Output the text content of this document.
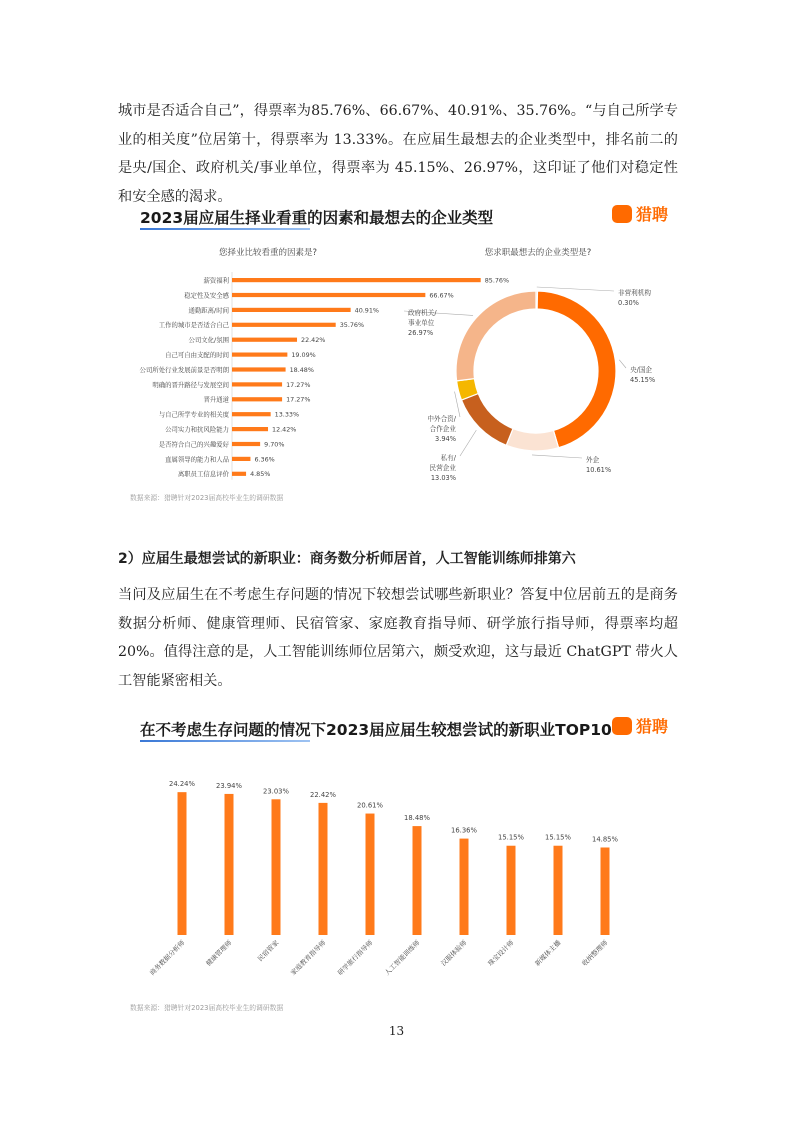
城市是否适合自己”，得票率为85.76%、66.67%、40.91%、35.76%。“与自己所学专业的相关度”位居第十，得票率为 13.33%。在应届生最想去的企业类型中，排名前二的是央/国企、政府机关/事业单位，得票率为 45.15%、26.97%，这印证了他们对稳定性和安全感的渴求。

2023届应届生择业看重的因素和最想去的企业类型	猎聘
您择业比较看重的因素是?
薪资福利	85.76%
稳定性及安全感	66.67%
通勤距离/时间	40.91%
工作的城市是否适合自己	35.76%
公司文化/氛围	22.42%
自己可自由支配的时间	19.09%
公司所处行业发展前景是否明朗	18.48%
明确的晋升路径与发展空间	17.27%
晋升通道	17.27%
与自己所学专业的相关度	13.33%
公司实力和抗风险能力	12.42%
是否符合自己的兴趣爱好	9.70%
直属领导的能力和人品	6.36%
离职员工信息评价	4.85%
您求职最想去的企业类型是?
非营利机构
0.30%
央/国企
45.15%
外企
10.61%
私有/
民营企业
13.03%
中外合资/
合作企业
3.94%
政府机关/
事业单位
26.97%
数据来源：猎聘针对2023届高校毕业生的调研数据

2）应届生最想尝试的新职业：商务数分析师居首，人工智能训练师排第六

当问及应届生在不考虑生存问题的情况下较想尝试哪些新职业？答复中位居前五的是商务数据分析师、健康管理师、民宿管家、家庭教育指导师、研学旅行指导师，得票率均超 20%。值得注意的是，人工智能训练师位居第六，颇受欢迎，这与最近 ChatGPT 带火人工智能紧密相关。

在不考虑生存问题的情况下2023届应届生较想尝试的新职业TOP10 猎聘
24.24%
商务数据分析师
23.94%
健康管理师
23.03%
民宿管家
22.42%
家庭教育指导师
20.61%
研学旅行指导师
18.48%
人工智能训练师
16.36%
汉服体验师
15.15%
珠宝设计师
15.15%
新媒体主播
14.85%
收纳整理师
数据来源：猎聘针对2023届高校毕业生的调研数据
13
